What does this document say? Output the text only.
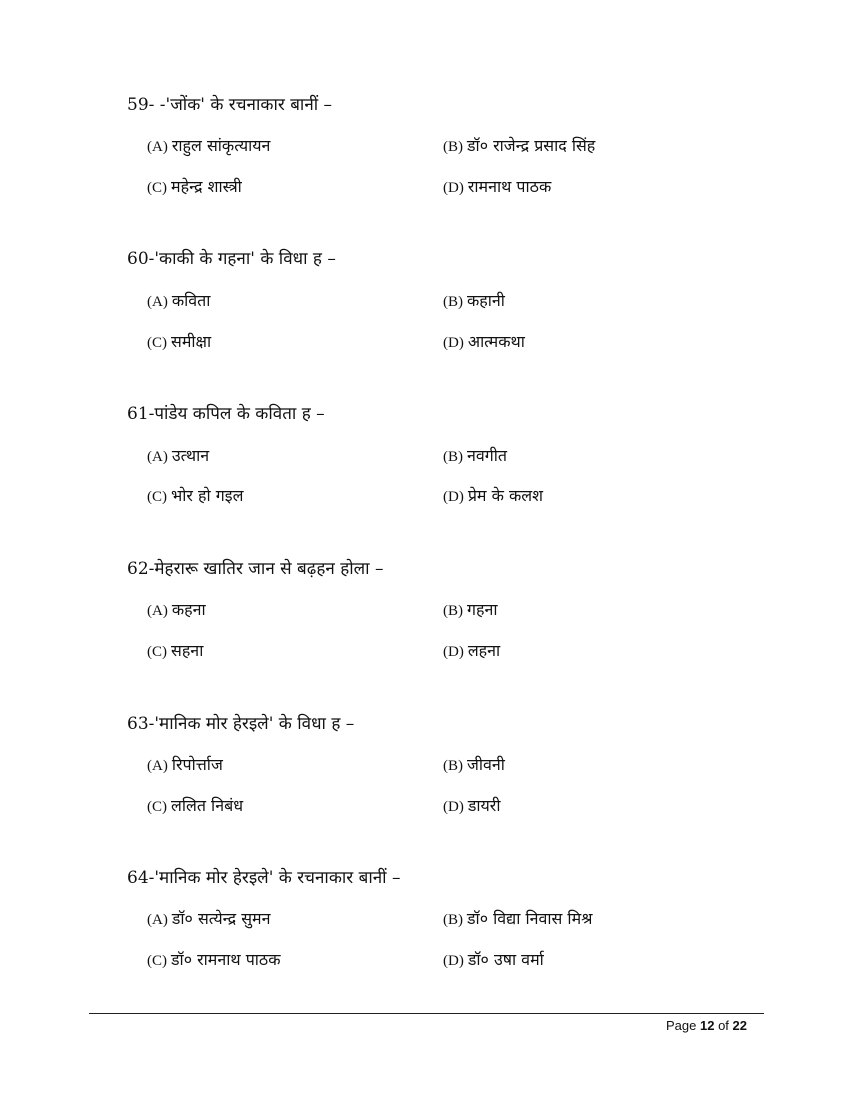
59- -'जोंक' के रचनाकार बानीं –
(A) राहुल सांकृत्यायन	(B) डॉ० राजेन्द्र प्रसाद सिंह
(C) महेन्द्र शास्त्री	(D) रामनाथ पाठक
60-'काकी के गहना' के विधा ह –
(A) कविता	(B) कहानी
(C) समीक्षा	(D) आत्मकथा
61-पांडेय कपिल के कविता ह –
(A) उत्थान	(B) नवगीत
(C) भोर हो गइल	(D) प्रेम के कलश
62-मेहरारू खातिर जान से बढ़हन होला –
(A) कहना	(B) गहना
(C) सहना	(D) लहना
63-'मानिक मोर हेरइले' के विधा ह –
(A) रिपोर्त्ताज	(B) जीवनी
(C) ललित निबंध	(D) डायरी
64-'मानिक मोर हेरइले' के रचनाकार बानीं –
(A) डॉ० सत्येन्द्र सुमन	(B) डॉ० विद्या निवास मिश्र
(C) डॉ० रामनाथ पाठक	(D) डॉ० उषा वर्मा
Page 12 of 22
